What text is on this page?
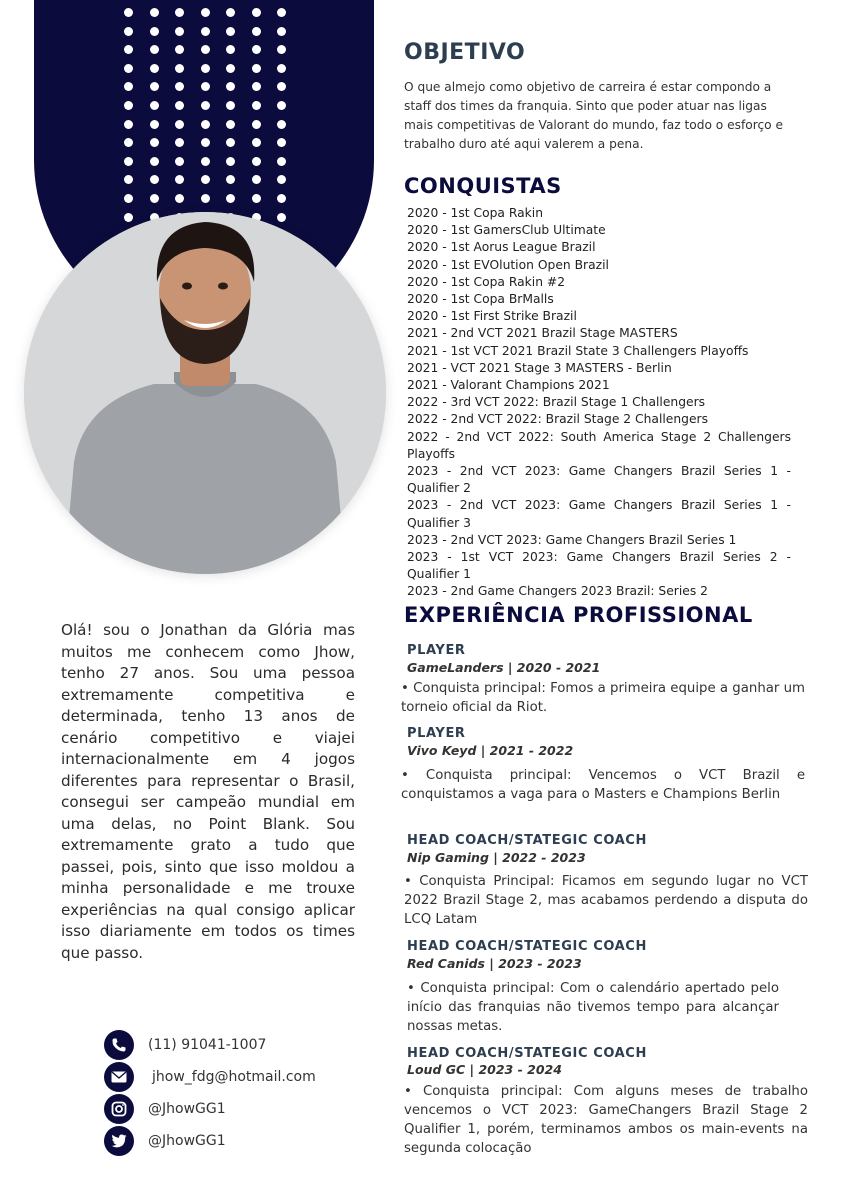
OBJETIVO
O que almejo como objetivo de carreira é estar compondo a staff dos times da franquia. Sinto que poder atuar nas ligas mais competitivas de Valorant do mundo, faz todo o esforço e trabalho duro até aqui valerem a pena.
CONQUISTAS
2020 - 1st Copa Rakin
2020 - 1st GamersClub Ultimate
2020 - 1st Aorus League Brazil
2020 - 1st EVOlution Open Brazil
2020 - 1st Copa Rakin #2
2020 - 1st Copa BrMalls
2020 - 1st First Strike Brazil
2021 - 2nd VCT 2021 Brazil Stage MASTERS
2021 - 1st VCT 2021 Brazil State 3 Challengers Playoffs
2021 - VCT 2021 Stage 3 MASTERS - Berlin
2021 - Valorant Champions 2021
2022 - 3rd VCT 2022: Brazil Stage 1 Challengers
2022 - 2nd VCT 2022: Brazil Stage 2 Challengers
2022 - 2nd VCT 2022: South America Stage 2 Challengers Playoffs
2023 - 2nd VCT 2023: Game Changers Brazil Series 1 - Qualifier 2
2023 - 2nd VCT 2023: Game Changers Brazil Series 1 - Qualifier 3
2023 - 2nd VCT 2023: Game Changers Brazil Series 1
2023 - 1st VCT 2023: Game Changers Brazil Series 2 - Qualifier 1
2023 - 2nd Game Changers 2023 Brazil: Series 2
EXPERIÊNCIA PROFISSIONAL
PLAYER
GameLanders | 2020 - 2021
• Conquista principal: Fomos a primeira equipe a ganhar um torneio oficial da Riot.
PLAYER
Vivo Keyd | 2021 - 2022
• Conquista principal: Vencemos o VCT Brazil e conquistamos a vaga para o Masters e Champions Berlin
HEAD COACH/STATEGIC COACH
Nip Gaming | 2022 - 2023
• Conquista Principal: Ficamos em segundo lugar no VCT 2022 Brazil Stage 2, mas acabamos perdendo a disputa do LCQ Latam
HEAD COACH/STATEGIC COACH
Red Canids | 2023 - 2023
• Conquista principal: Com o calendário apertado pelo início das franquias não tivemos tempo para alcançar nossas metas.
HEAD COACH/STATEGIC COACH
Loud GC | 2023 - 2024
• Conquista principal: Com alguns meses de trabalho vencemos o VCT 2023: GameChangers Brazil Stage 2 Qualifier 1, porém, terminamos ambos os main-events na segunda colocação
Olá! sou o Jonathan da Glória mas muitos me conhecem como Jhow, tenho 27 anos. Sou uma pessoa extremamente competitiva e determinada, tenho 13 anos de cenário competitivo e viajei internacionalmente em 4 jogos diferentes para representar o Brasil, consegui ser campeão mundial em uma delas, no Point Blank. Sou extremamente grato a tudo que passei, pois, sinto que isso moldou a minha personalidade e me trouxe experiências na qual consigo aplicar isso diariamente em todos os times que passo.
(11) 91041-1007
jhow_fdg@hotmail.com
@JhowGG1
@JhowGG1
